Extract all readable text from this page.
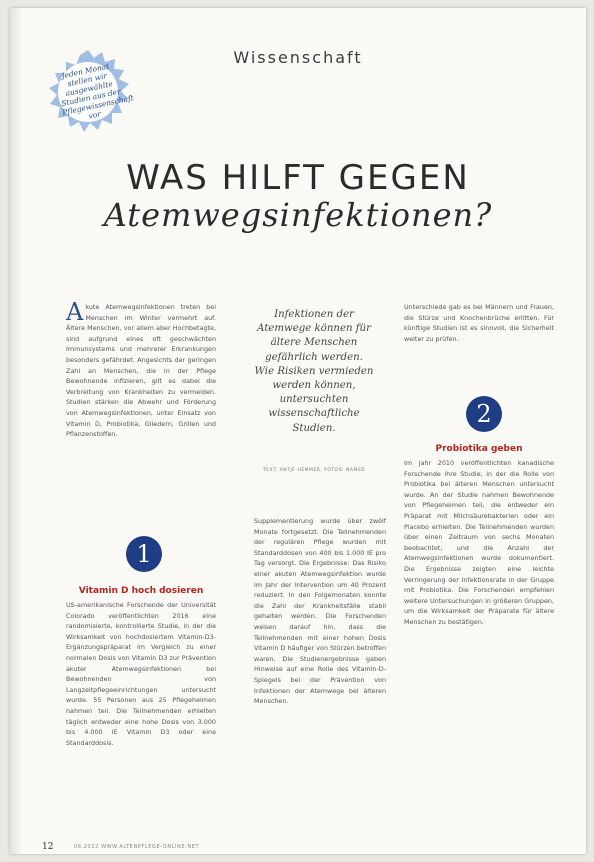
Wissenschaft
Jeden Monat stellen wir ausgewählte Studien aus der Pflegewissenschaft vor
WAS HILFT GEGEN
Atemwegsinfektionen?
A kute Atemwegsinfektionen treten bei Menschen im Winter vermehrt auf. Ältere Menschen, vor allem aber Hochbetagte, sind aufgrund eines oft geschwächten Immunsystems und mehrerer Erkrankungen besonders gefährdet. Angesichts der geringen Zahl an Menschen, die in der Pflege Bewohnende infizieren, gilt es dabei die Verbreitung von Krankheiten zu vermeiden. Studien stärken die Abwehr und Förderung von Atemwegsinfektionen, unter Einsatz von Vitamin D, Probiotika, Gliedern, Grillen und Pflanzenstoffen.
Infektionen der Atemwege können für ältere Menschen gefährlich werden. Wie Risiken vermieden werden können, untersuchten wissenschaftliche Studien.
TEXT: ANTJE HEMMER, FOTOS: NAMED
1
Vitamin D hoch dosieren
US-amerikanische Forschende der Universität Colorado veröffentlichten 2016 eine randomisierte, kontrollierte Studie, in der die Wirksamkeit von hochdosiertem Vitamin-D3-Ergänzungspräparat im Vergleich zu einer normalen Dosis von Vitamin D3 zur Prävention akuter Atemwegsinfektionen bei Bewohnenden von Langzeitpflegeeinrichtungen untersucht wurde. 55 Personen aus 25 Pflegeheimen nahmen teil. Die Teilnehmenden erhielten täglich entweder eine hohe Dosis von 3.000 bis 4.000 IE Vitamin D3 oder eine Standarddosis.
Supplementierung wurde über zwölf Monate fortgesetzt. Die Teilnehmenden der regulären Pflege wurden mit Standarddosen von 400 bis 1.000 IE pro Tag versorgt. Die Ergebnisse: Das Risiko einer akuten Atemwegsinfektion wurde im Jahr der Intervention um 40 Prozent reduziert. In den Folgemonaten konnte die Zahl der Krankheitsfälle stabil gehalten werden. Die Forschenden weisen darauf hin, dass die Teilnehmenden mit einer hohen Dosis Vitamin D häufiger von Stürzen betroffen waren. Die Studienergebnisse gaben Hinweise auf eine Rolle des Vitamin-D-Spiegels bei der Prävention von Infektionen der Atemwege bei älteren Menschen.
Unterschiede gab es bei Männern und Frauen, die Stürze und Knochenbrüche erlitten. Für künftige Studien ist es sinnvoll, die Sicherheit weiter zu prüfen.
2
Probiotika geben
Im Jahr 2010 veröffentlichten kanadische Forschende ihre Studie, in der die Rolle von Probiotika bei älteren Menschen untersucht wurde. An der Studie nahmen Bewohnende von Pflegeheimen teil, die entweder ein Präparat mit Milchsäurebakterien oder ein Placebo erhielten. Die Teilnehmenden wurden über einen Zeitraum von sechs Monaten beobachtet, und die Anzahl der Atemwegsinfektionen wurde dokumentiert. Die Ergebnisse zeigten eine leichte Verringerung der Infektionsrate in der Gruppe mit Probiotika. Die Forschenden empfehlen weitere Untersuchungen in größeren Gruppen, um die Wirksamkeit der Präparate für ältere Menschen zu bestätigen.
12	06.2022 WWW.ALTENPFLEGE-ONLINE.NET
